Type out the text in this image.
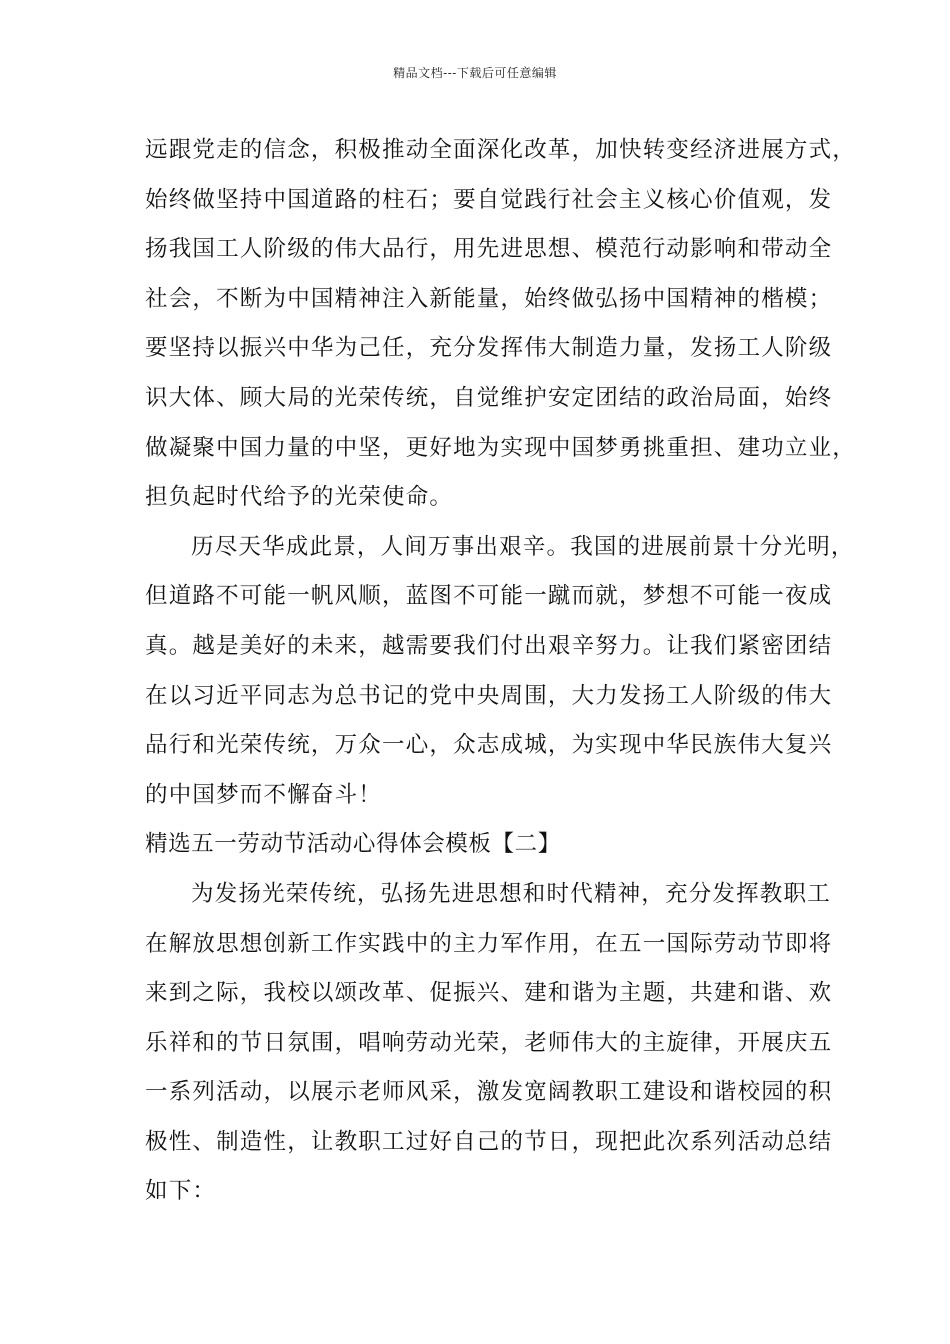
精品文档---下载后可任意编辑
远跟党走的信念，积极推动全面深化改革，加快转变经济进展方式，
始终做坚持中国道路的柱石；要自觉践行社会主义核心价值观，发
扬我国工人阶级的伟大品行，用先进思想、模范行动影响和带动全
社会，不断为中国精神注入新能量，始终做弘扬中国精神的楷模；
要坚持以振兴中华为己任，充分发挥伟大制造力量，发扬工人阶级
识大体、顾大局的光荣传统，自觉维护安定团结的政治局面，始终
做凝聚中国力量的中坚，更好地为实现中国梦勇挑重担、建功立业，
担负起时代给予的光荣使命。
历尽天华成此景，人间万事出艰辛。我国的进展前景十分光明，
但道路不可能一帆风顺，蓝图不可能一蹴而就，梦想不可能一夜成
真。越是美好的未来，越需要我们付出艰辛努力。让我们紧密团结
在以习近平同志为总书记的党中央周围，大力发扬工人阶级的伟大
品行和光荣传统，万众一心，众志成城，为实现中华民族伟大复兴
的中国梦而不懈奋斗！
精选五一劳动节活动心得体会模板【二】
为发扬光荣传统，弘扬先进思想和时代精神，充分发挥教职工
在解放思想创新工作实践中的主力军作用，在五一国际劳动节即将
来到之际，我校以颂改革、促振兴、建和谐为主题，共建和谐、欢
乐祥和的节日氛围，唱响劳动光荣，老师伟大的主旋律，开展庆五
一系列活动，以展示老师风采，激发宽阔教职工建设和谐校园的积
极性、制造性，让教职工过好自己的节日，现把此次系列活动总结
如下：
